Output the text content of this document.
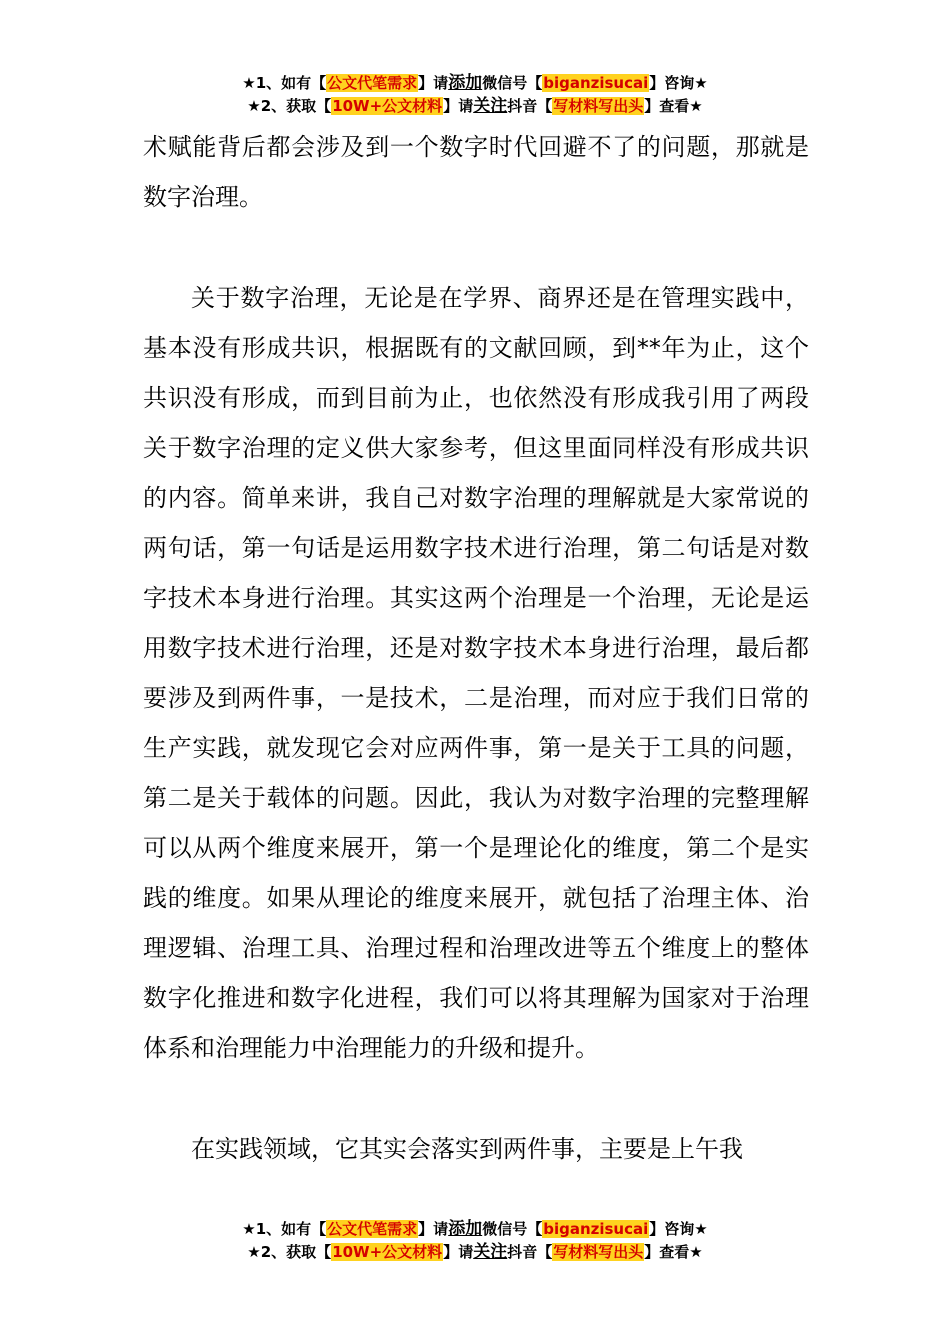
★1、如有【公文代笔需求】请添加微信号【biganzisucai】咨询★
★2、获取【10W+公文材料】请关注抖音【写材料写出头】查看★

术赋能背后都会涉及到一个数字时代回避不了的问题，那就是数字治理。

关于数字治理，无论是在学界、商界还是在管理实践中，基本没有形成共识，根据既有的文献回顾，到**年为止，这个共识没有形成，而到目前为止，也依然没有形成我引用了两段关于数字治理的定义供大家参考，但这里面同样没有形成共识的内容。简单来讲，我自己对数字治理的理解就是大家常说的两句话，第一句话是运用数字技术进行治理，第二句话是对数字技术本身进行治理。其实这两个治理是一个治理，无论是运用数字技术进行治理，还是对数字技术本身进行治理，最后都要涉及到两件事，一是技术，二是治理，而对应于我们日常的生产实践，就发现它会对应两件事，第一是关于工具的问题，第二是关于载体的问题。因此，我认为对数字治理的完整理解可以从两个维度来展开，第一个是理论化的维度，第二个是实践的维度。如果从理论的维度来展开，就包括了治理主体、治理逻辑、治理工具、治理过程和治理改进等五个维度上的整体数字化推进和数字化进程，我们可以将其理解为国家对于治理体系和治理能力中治理能力的升级和提升。

在实践领域，它其实会落实到两件事，主要是上午我

★1、如有【公文代笔需求】请添加微信号【biganzisucai】咨询★
★2、获取【10W+公文材料】请关注抖音【写材料写出头】查看★
